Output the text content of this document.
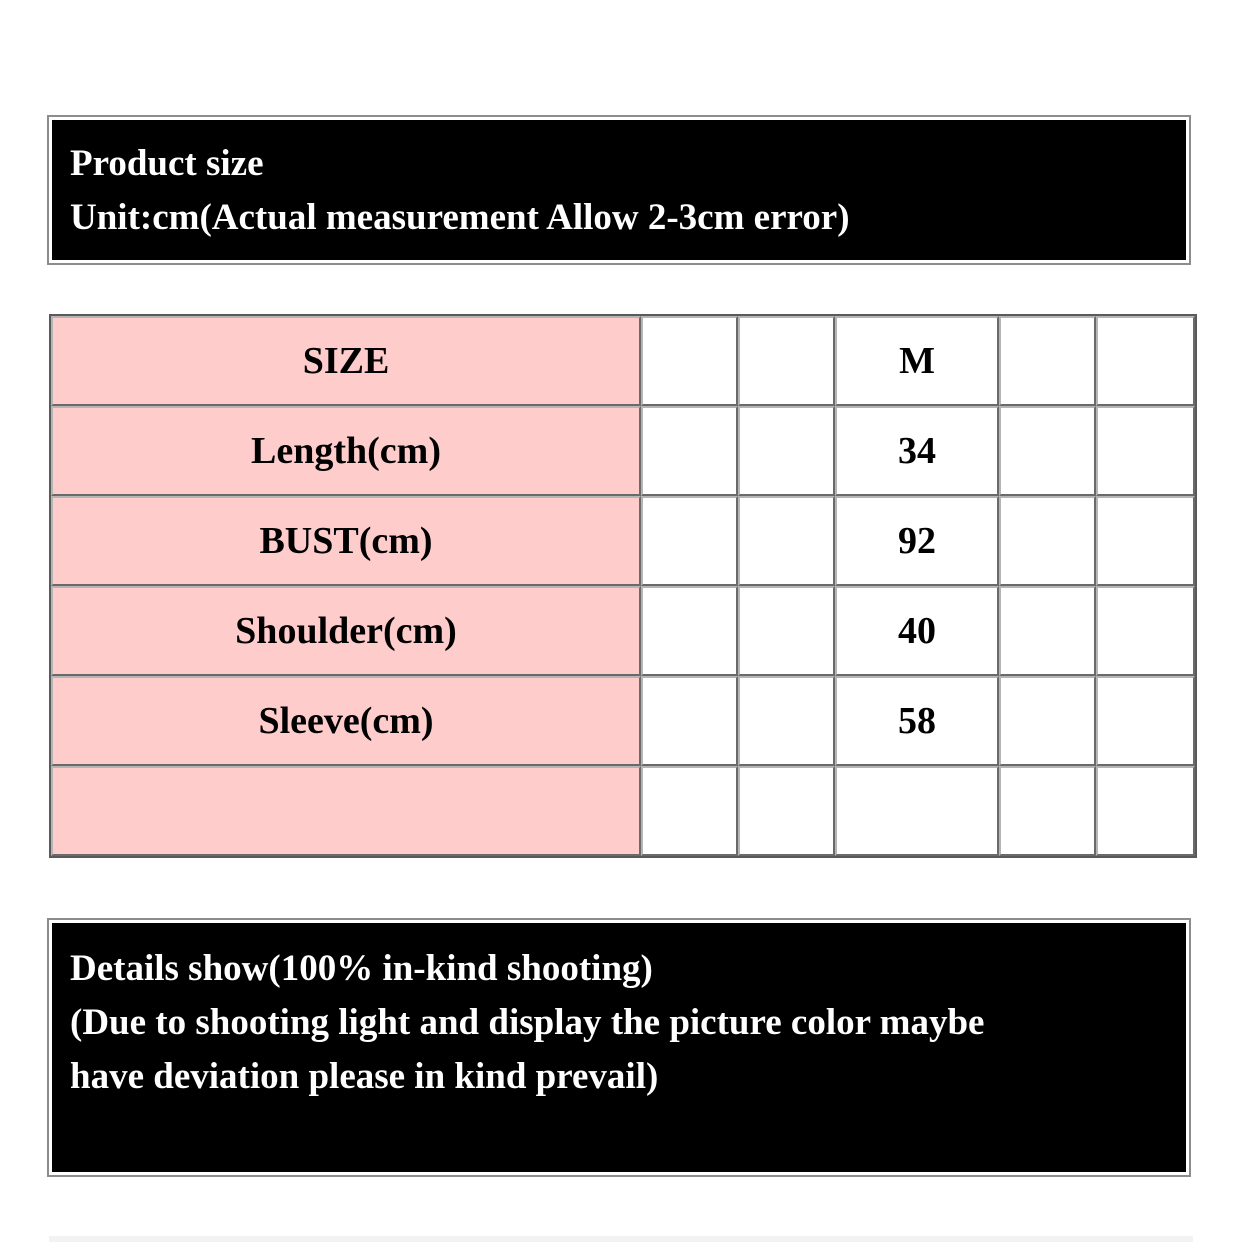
Product size
Unit:cm(Actual measurement Allow 2-3cm error)
SIZE			M		
Length(cm)			34		
BUST(cm)			92		
Shoulder(cm)			40		
Sleeve(cm)			58		

Details show(100% in-kind shooting)
(Due to shooting light and display the picture color maybe
have deviation please in kind prevail)
